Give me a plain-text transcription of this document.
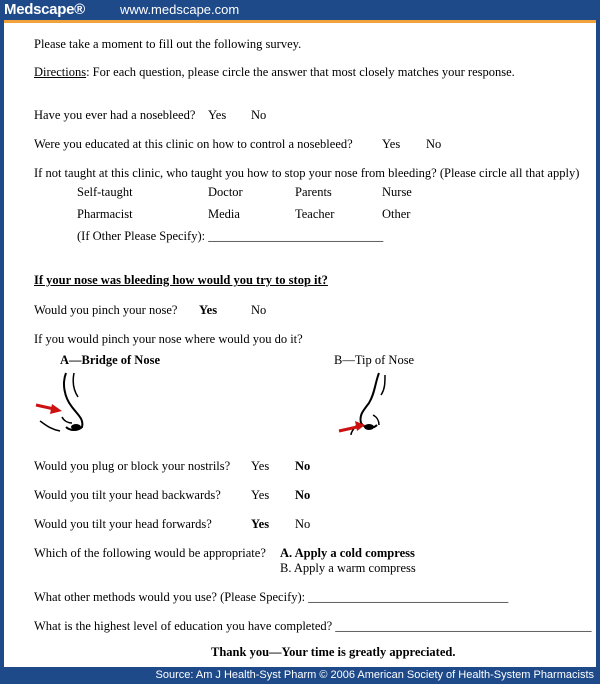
Medscape®	www.medscape.com
Please take a moment to fill out the following survey.
Directions: For each question, please circle the answer that most closely matches your response.
Have you ever had a nosebleed? Yes No
Were you educated at this clinic on how to control a nosebleed? Yes No
If not taught at this clinic, who taught you how to stop your nose from bleeding? (Please circle all that apply)
Self-taught	Doctor	Parents	Nurse
Pharmacist	Media	Teacher	Other
(If Other Please Specify): ____________________________
If your nose was bleeding how would you try to stop it?
Would you pinch your nose? Yes	No
If you would pinch your nose where would you do it?
A—Bridge of Nose	B—Tip of Nose
Would you plug or block your nostrils? Yes No
Would you tilt your head backwards? Yes No
Would you tilt your head forwards?	Yes No
Which of the following would be appropriate? A. Apply a cold compress
B. Apply a warm compress
What other methods would you use? (Please Specify): ________________________________
What is the highest level of education you have completed? _________________________________________
Thank you—Your time is greatly appreciated.
Source: Am J Health-Syst Pharm © 2006 American Society of Health-System Pharmacists
